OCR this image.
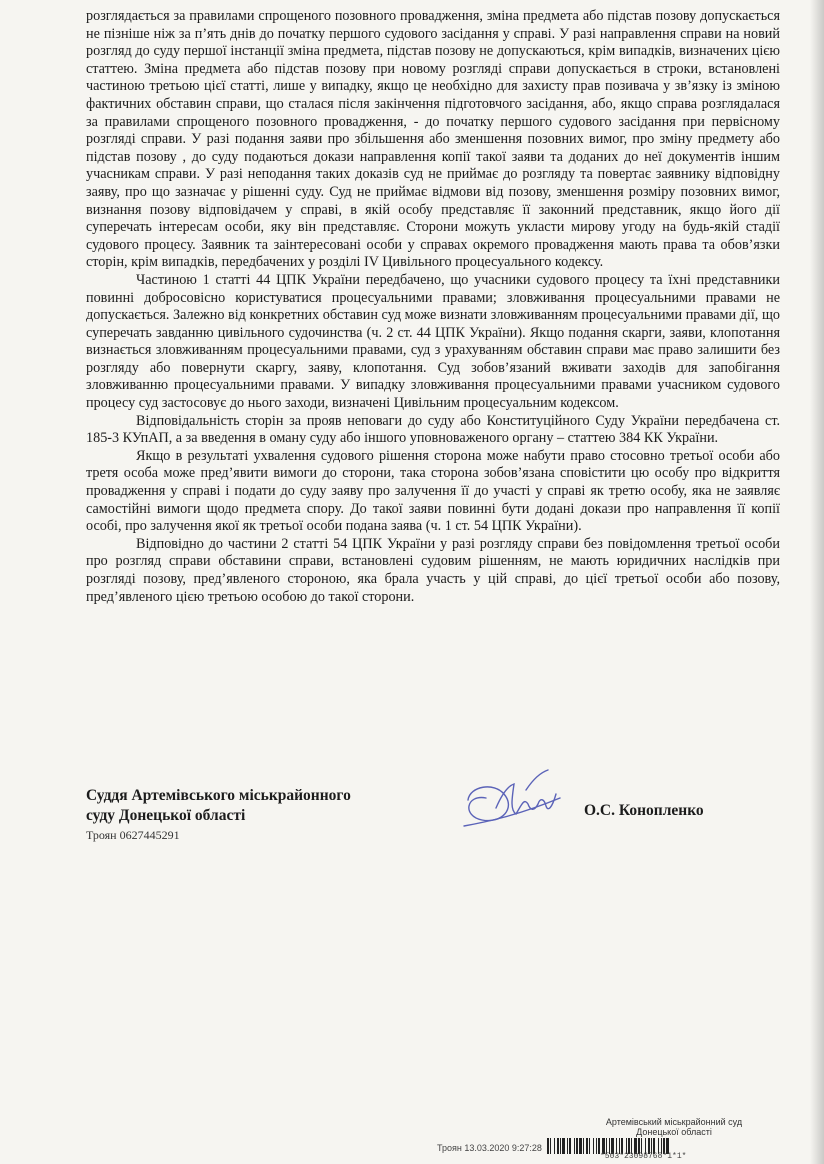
розглядається за правилами спрощеного позовного провадження, зміна предмета або підстав позову допускається не пізніше ніж за п’ять днів до початку першого судового засідання у справі. У разі направлення справи на новий розгляд до суду першої інстанції зміна предмета, підстав позову не допускаються, крім випадків, визначених цією статтею. Зміна предмета або підстав позову при новому розгляді справи допускається в строки, встановлені частиною третьою цієї статті, лише у випадку, якщо це необхідно для захисту прав позивача у зв’язку із зміною фактичних обставин справи, що сталася після закінчення підготовчого засідання, або, якщо справа розглядалася за правилами спрощеного позовного провадження, - до початку першого судового засідання при первісному розгляді справи. У разі подання заяви про збільшення або зменшення позовних вимог, про зміну предмету або підстав позову , до суду подаються докази направлення копії такої заяви та доданих до неї документів іншим учасникам справи. У разі неподання таких доказів суд не приймає до розгляду та повертає заявнику відповідну заяву, про що зазначає у рішенні суду. Суд не приймає відмови від позову, зменшення розміру позовних вимог, визнання позову відповідачем у справі, в якій особу представляє її законний представник, якщо його дії суперечать інтересам особи, яку він представляє. Сторони можуть укласти мирову угоду на будь-якій стадії судового процесу. Заявник та заінтересовані особи у справах окремого провадження мають права та обов’язки сторін, крім випадків, передбачених у розділі IV Цивільного процесуального кодексу.

Частиною 1 статті 44 ЦПК України передбачено, що учасники судового процесу та їхні представники повинні добросовісно користуватися процесуальними правами; зловживання процесуальними правами не допускається. Залежно від конкретних обставин суд може визнати зловживанням процесуальними правами дії, що суперечать завданню цивільного судочинства (ч. 2 ст. 44 ЦПК України). Якщо подання скарги, заяви, клопотання визнається зловживанням процесуальними правами, суд з урахуванням обставин справи має право залишити без розгляду або повернути скаргу, заяву, клопотання. Суд зобов’язаний вживати заходів для запобігання зловживанню процесуальними правами. У випадку зловживання процесуальними правами учасником судового процесу суд застосовує до нього заходи, визначені Цивільним процесуальним кодексом.

Відповідальність сторін за прояв неповаги до суду або Конституційного Суду України передбачена ст. 185-3 КУпАП, а за введення в оману суду або іншого уповноваженого органу – статтею 384 КК України.

Якщо в результаті ухвалення судового рішення сторона може набути право стосовно третьої особи або третя особа може пред’явити вимоги до сторони, така сторона зобов’язана сповістити цю особу про відкриття провадження у справі і подати до суду заяву про залучення її до участі у справі як третю особу, яка не заявляє самостійні вимоги щодо предмета спору. До такої заяви повинні бути додані докази про направлення її копії особі, про залучення якої як третьої особи подана заява (ч. 1 ст. 54 ЦПК України).

Відповідно до частини 2 статті 54 ЦПК України у разі розгляду справи без повідомлення третьої особи про розгляд справи обставини справи, встановлені судовим рішенням, не мають юридичних наслідків при розгляді позову, пред’явленого стороною, яка брала участь у цій справі, до цієї третьої особи або позову, пред’явленого цією третьою особою до такої сторони.

Суддя Артемівського міськрайонного

суду Донецької області

Троян 0627445291
О.С. Конопленко
Артемівський міськрайонний суд
Донецької області
Троян 13.03.2020 9:27:28
*503*23098768*1*1*
